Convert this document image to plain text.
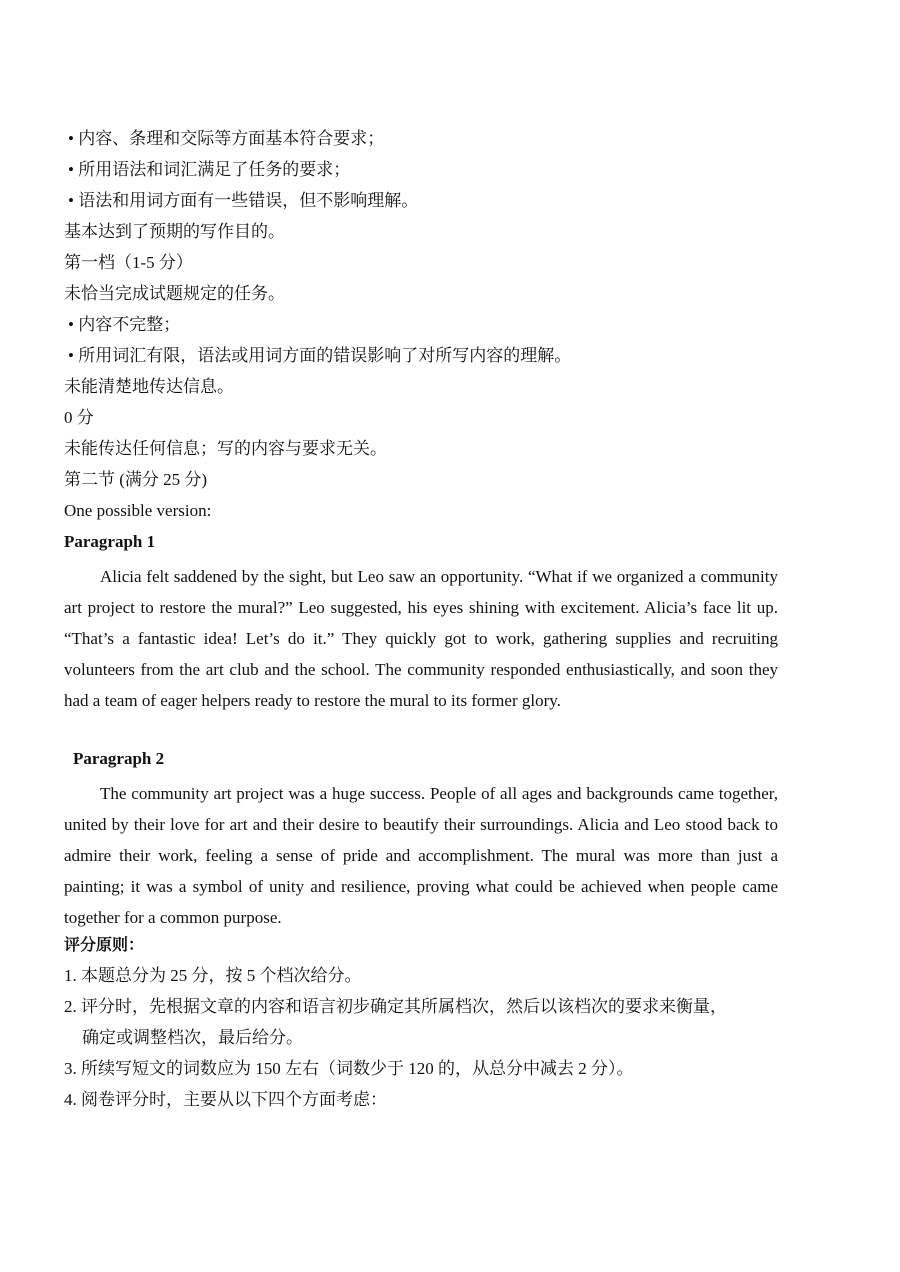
• 内容、条理和交际等方面基本符合要求；
• 所用语法和词汇满足了任务的要求；
• 语法和用词方面有一些错误，但不影响理解。
基本达到了预期的写作目的。
第一档（1-5 分）
未恰当完成试题规定的任务。
• 内容不完整；
• 所用词汇有限，语法或用词方面的错误影响了对所写内容的理解。
未能清楚地传达信息。
0 分
未能传达任何信息；写的内容与要求无关。
第二节 (满分 25 分)
One possible version:
Paragraph 1
Alicia felt saddened by the sight, but Leo saw an opportunity. “What if we organized a community art project to restore the mural?” Leo suggested, his eyes shining with excitement. Alicia’s face lit up. “That’s a fantastic idea! Let’s do it.” They quickly got to work, gathering supplies and recruiting volunteers from the art club and the school. The community responded enthusiastically, and soon they had a team of eager helpers ready to restore the mural to its former glory.
Paragraph 2
The community art project was a huge success. People of all ages and backgrounds came together, united by their love for art and their desire to beautify their surroundings. Alicia and Leo stood back to admire their work, feeling a sense of pride and accomplishment. The mural was more than just a painting; it was a symbol of unity and resilience, proving what could be achieved when people came together for a common purpose.
评分原则：
1. 本题总分为 25 分，按 5 个档次给分。
2. 评分时，先根据文章的内容和语言初步确定其所属档次，然后以该档次的要求来衡量，
确定或调整档次，最后给分。
3. 所续写短文的词数应为 150 左右（词数少于 120 的，从总分中减去 2 分）。
4. 阅卷评分时，主要从以下四个方面考虑：
